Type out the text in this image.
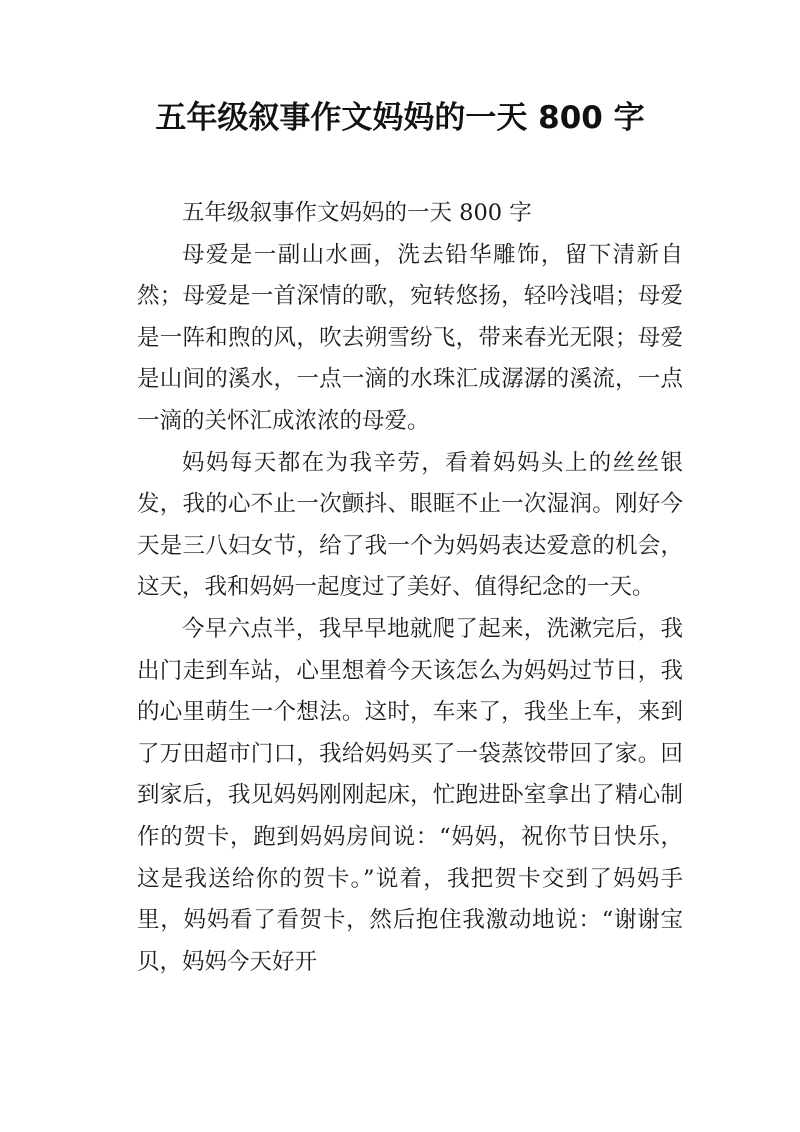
五年级叙事作文妈妈的一天 800 字

五年级叙事作文妈妈的一天 800 字

母爱是一副山水画，洗去铅华雕饰，留下清新自然；母爱是一首深情的歌，宛转悠扬，轻吟浅唱；母爱是一阵和煦的风，吹去朔雪纷飞，带来春光无限；母爱是山间的溪水，一点一滴的水珠汇成潺潺的溪流，一点一滴的关怀汇成浓浓的母爱。

妈妈每天都在为我辛劳，看着妈妈头上的丝丝银发，我的心不止一次颤抖、眼眶不止一次湿润。刚好今天是三八妇女节，给了我一个为妈妈表达爱意的机会，这天，我和妈妈一起度过了美好、值得纪念的一天。

今早六点半，我早早地就爬了起来，洗漱完后，我出门走到车站，心里想着今天该怎么为妈妈过节日，我的心里萌生一个想法。这时，车来了，我坐上车，来到了万田超市门口，我给妈妈买了一袋蒸饺带回了家。回到家后，我见妈妈刚刚起床，忙跑进卧室拿出了精心制作的贺卡，跑到妈妈房间说：“妈妈，祝你节日快乐，这是我送给你的贺卡。”说着，我把贺卡交到了妈妈手里，妈妈看了看贺卡，然后抱住我激动地说：“谢谢宝贝，妈妈今天好开
